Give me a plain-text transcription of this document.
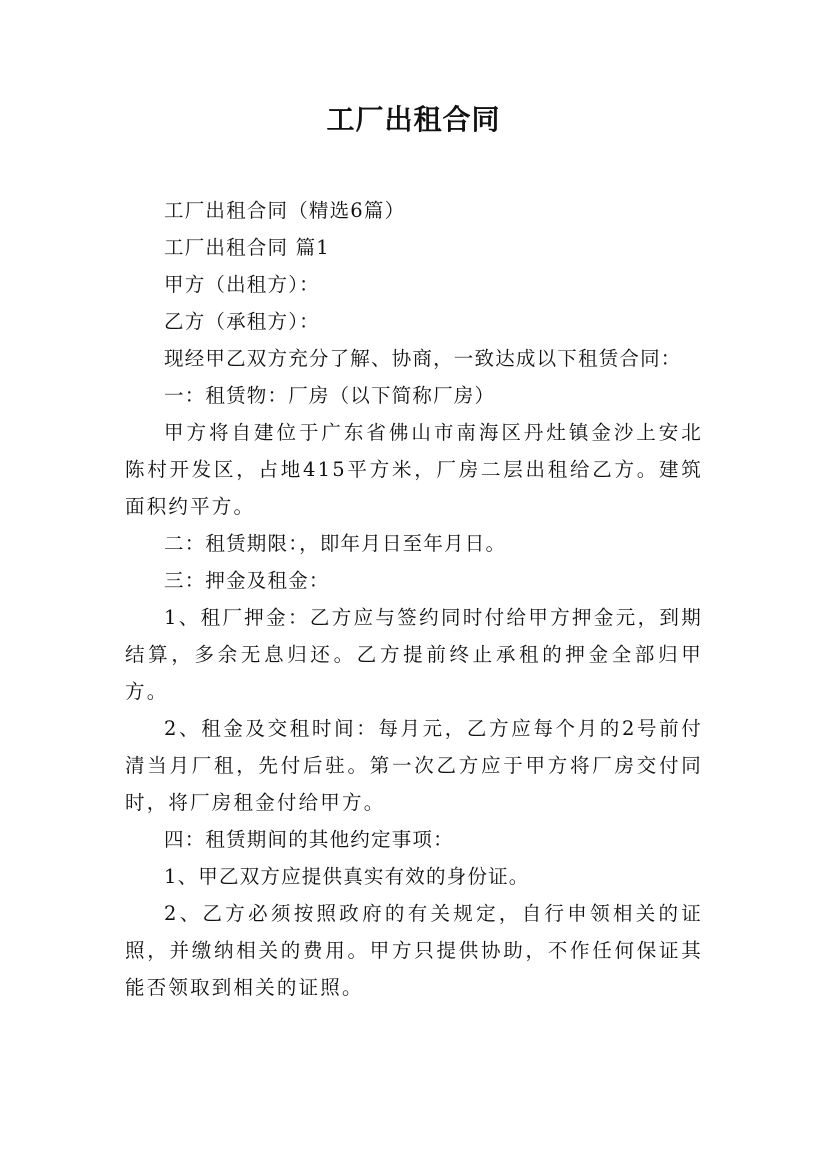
工厂出租合同

工厂出租合同（精选6篇）

工厂出租合同 篇1

甲方（出租方）：

乙方（承租方）：

现经甲乙双方充分了解、协商，一致达成以下租赁合同：

一：租赁物：厂房（以下简称厂房）

甲方将自建位于广东省佛山市南海区丹灶镇金沙上安北陈村开发区，占地415平方米，厂房二层出租给乙方。建筑面积约平方。

二：租赁期限：，即年月日至年月日。

三：押金及租金：

1、租厂押金：乙方应与签约同时付给甲方押金元，到期结算，多余无息归还。乙方提前终止承租的押金全部归甲方。

2、租金及交租时间：每月元，乙方应每个月的2号前付清当月厂租，先付后驻。第一次乙方应于甲方将厂房交付同时，将厂房租金付给甲方。

四：租赁期间的其他约定事项：

1、甲乙双方应提供真实有效的身份证。

2、乙方必须按照政府的有关规定，自行申领相关的证照，并缴纳相关的费用。甲方只提供协助，不作任何保证其能否领取到相关的证照。
